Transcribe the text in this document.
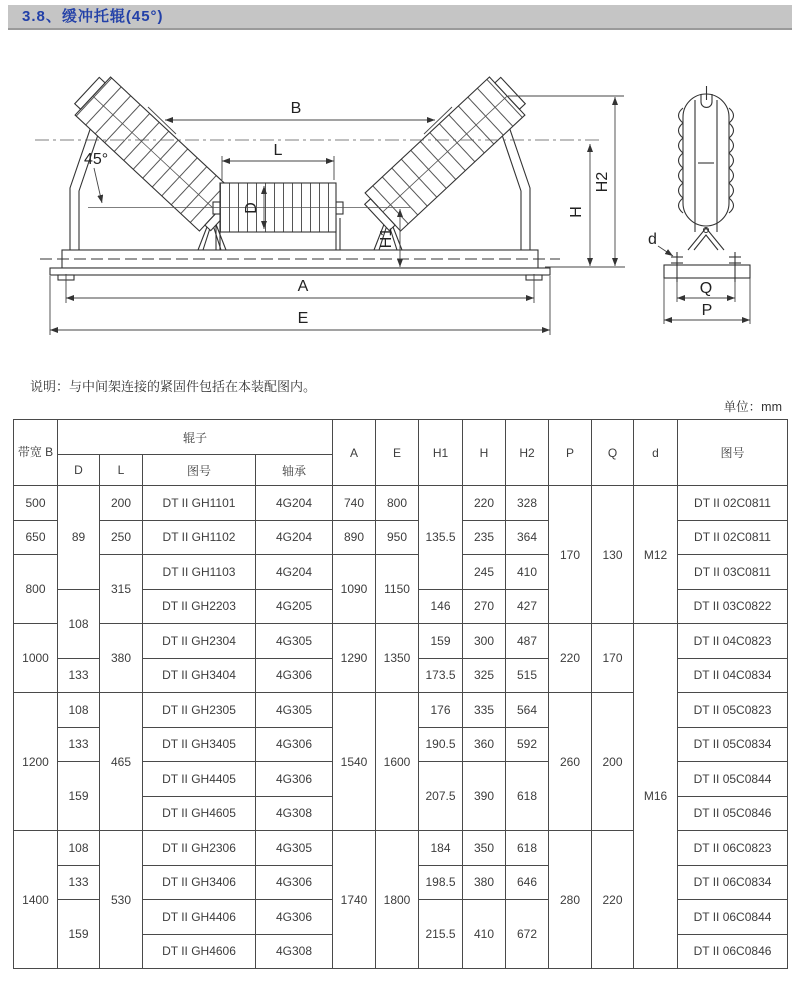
3.8、缓冲托辊(45°)
B
L
D
45°
H1
H
H2
A
E
d
Q
P
说明：与中间架连接的紧固件包括在本装配图内。
单位：mm
带宽 B	辊子				A	E	H1	H	H2	P	Q	d	图号
	D	L	图号	轴承									
500	89	200	DT II GH1101	4G204	740	800	135.5	220	328	170	130	M12	DT II 02C0811
650		250	DT II GH1102	4G204	890	950		235	364				DT II 02C0811
800		315	DT II GH1103	4G204	1090	1150		245	410				DT II 03C0811
	108		DT II GH2203	4G205			146	270	427				DT II 03C0822
1000		380	DT II GH2304	4G305	1290	1350	159	300	487	220	170	M16	DT II 04C0823
	133		DT II GH3404	4G306			173.5	325	515				DT II 04C0834
1200	108	465	DT II GH2305	4G305	1540	1600	176	335	564	260	200		DT II 05C0823
	133		DT II GH3405	4G306			190.5	360	592				DT II 05C0834
	159		DT II GH4405	4G306			207.5	390	618				DT II 05C0844
			DT II GH4605	4G308									DT II 05C0846
1400	108	530	DT II GH2306	4G305	1740	1800	184	350	618	280	220		DT II 06C0823
	133		DT II GH3406	4G306			198.5	380	646				DT II 06C0834
	159		DT II GH4406	4G306			215.5	410	672				DT II 06C0844
			DT II GH4606	4G308									DT II 06C0846
